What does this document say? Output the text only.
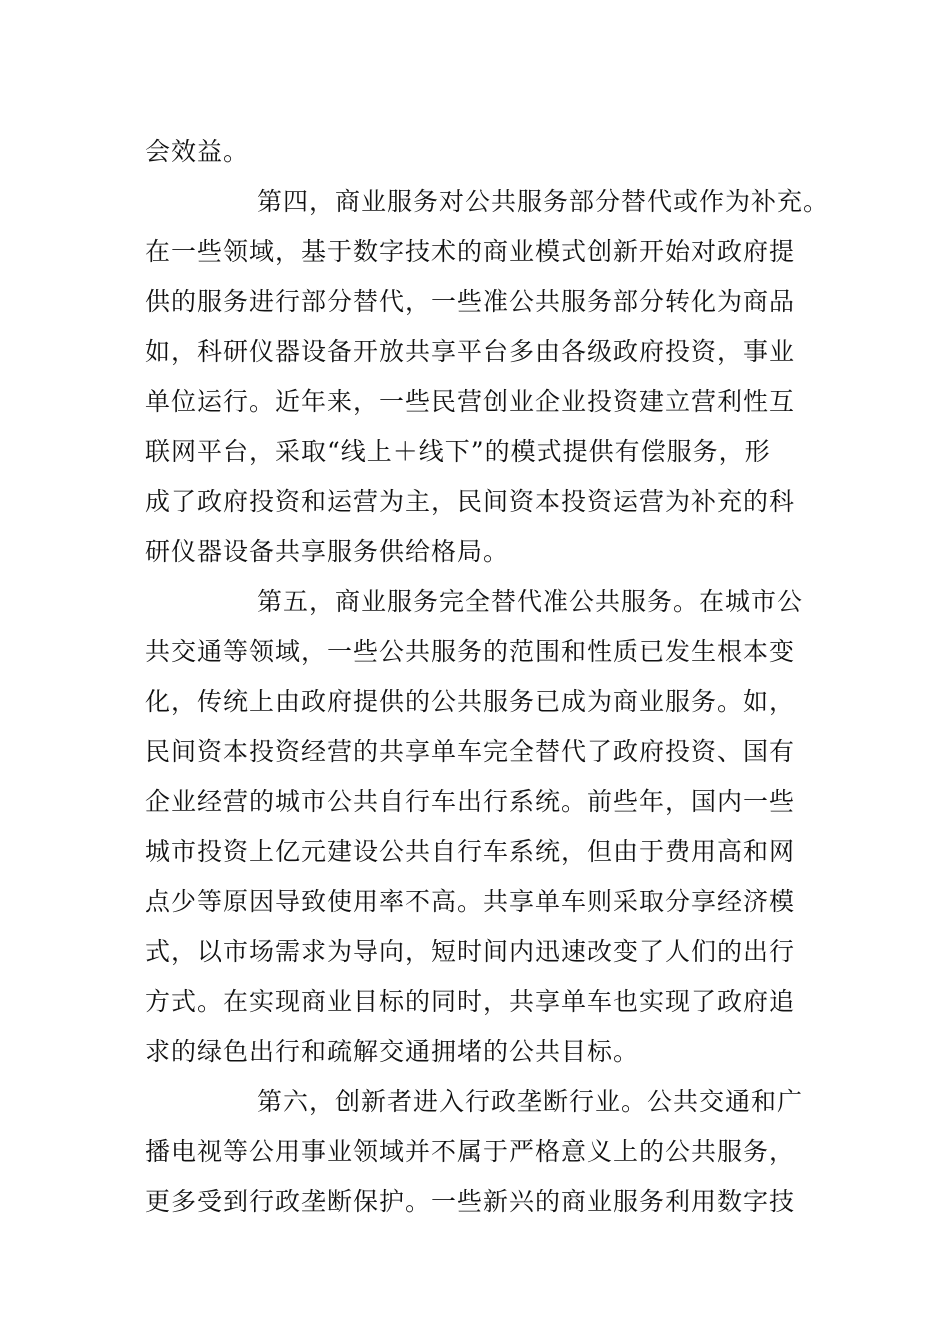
会效益。
第四，商业服务对公共服务部分替代或作为补充。
在一些领域，基于数字技术的商业模式创新开始对政府提
供的服务进行部分替代，一些准公共服务部分转化为商品
如，科研仪器设备开放共享平台多由各级政府投资，事业
单位运行。近年来，一些民营创业企业投资建立营利性互
联网平台，采取“线上＋线下”的模式提供有偿服务，形
成了政府投资和运营为主，民间资本投资运营为补充的科
研仪器设备共享服务供给格局。
第五，商业服务完全替代准公共服务。在城市公
共交通等领域，一些公共服务的范围和性质已发生根本变
化，传统上由政府提供的公共服务已成为商业服务。如，
民间资本投资经营的共享单车完全替代了政府投资、国有
企业经营的城市公共自行车出行系统。前些年，国内一些
城市投资上亿元建设公共自行车系统，但由于费用高和网
点少等原因导致使用率不高。共享单车则采取分享经济模
式，以市场需求为导向，短时间内迅速改变了人们的出行
方式。在实现商业目标的同时，共享单车也实现了政府追
求的绿色出行和疏解交通拥堵的公共目标。
第六，创新者进入行政垄断行业。公共交通和广
播电视等公用事业领域并不属于严格意义上的公共服务，
更多受到行政垄断保护。一些新兴的商业服务利用数字技
